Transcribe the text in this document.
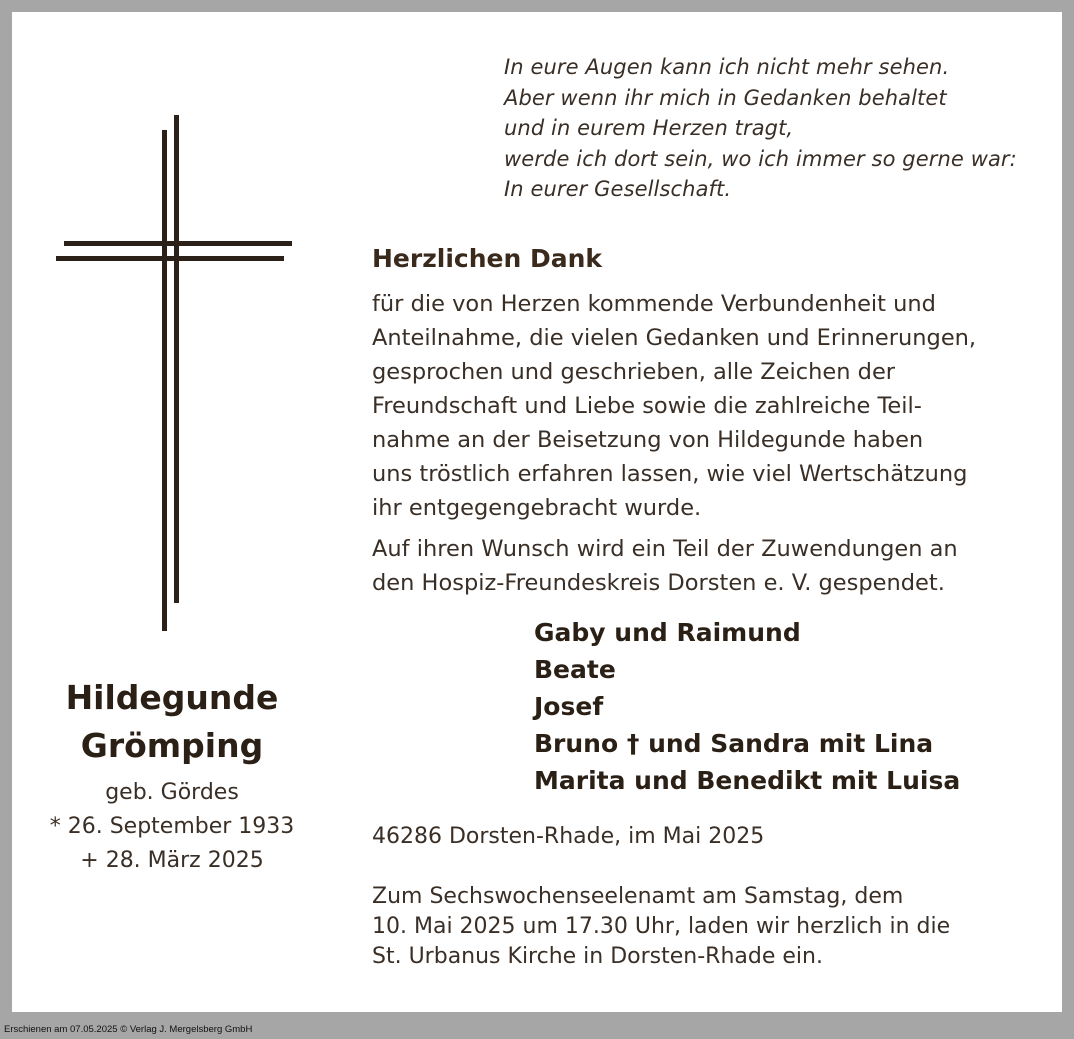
In eure Augen kann ich nicht mehr sehen.
Aber wenn ihr mich in Gedanken behaltet
und in eurem Herzen tragt,
werde ich dort sein, wo ich immer so gerne war:
In eurer Gesellschaft.
Herzlichen Dank
für die von Herzen kommende Verbundenheit und
Anteilnahme, die vielen Gedanken und Erinnerungen,
gesprochen und geschrieben, alle Zeichen der
Freundschaft und Liebe sowie die zahlreiche Teil-
nahme an der Beisetzung von Hildegunde haben
uns tröstlich erfahren lassen, wie viel Wertschätzung
ihr entgegengebracht wurde.
Auf ihren Wunsch wird ein Teil der Zuwendungen an
den Hospiz-Freundeskreis Dorsten e. V. gespendet.
Gaby und Raimund
Beate
Josef
Bruno † und Sandra mit Lina
Marita und Benedikt mit Luisa
Hildegunde
Grömping
geb. Gördes
* 26. September 1933
+ 28. März 2025
46286 Dorsten-Rhade, im Mai 2025
Zum Sechswochenseelenamt am Samstag, dem
10. Mai 2025 um 17.30 Uhr, laden wir herzlich in die
St. Urbanus Kirche in Dorsten-Rhade ein.
Erschienen am 07.05.2025 © Verlag J. Mergelsberg GmbH
